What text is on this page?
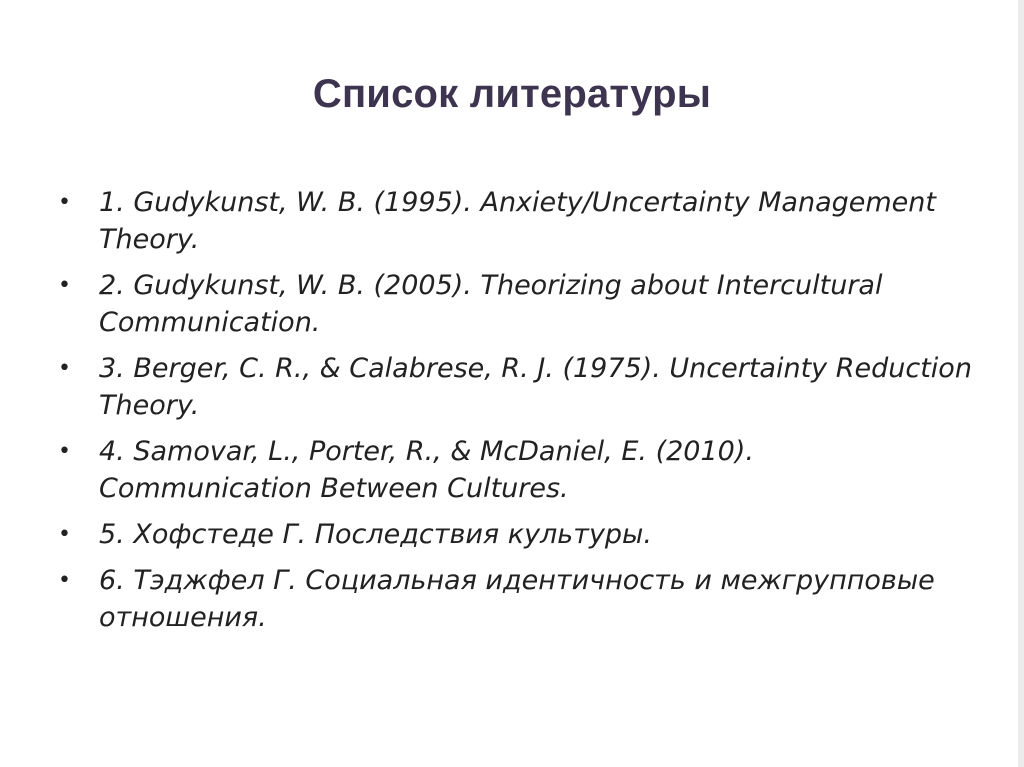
Список литературы
• 1. Gudykunst, W. B. (1995). Anxiety/Uncertainty Management Theory.
• 2. Gudykunst, W. B. (2005). Theorizing about Intercultural Communication.
• 3. Berger, C. R., & Calabrese, R. J. (1975). Uncertainty Reduction Theory.
• 4. Samovar, L., Porter, R., & McDaniel, E. (2010). Communication Between Cultures.
• 5. Хофстеде Г. Последствия культуры.
• 6. Тэджфел Г. Социальная идентичность и межгрупповые отношения.
